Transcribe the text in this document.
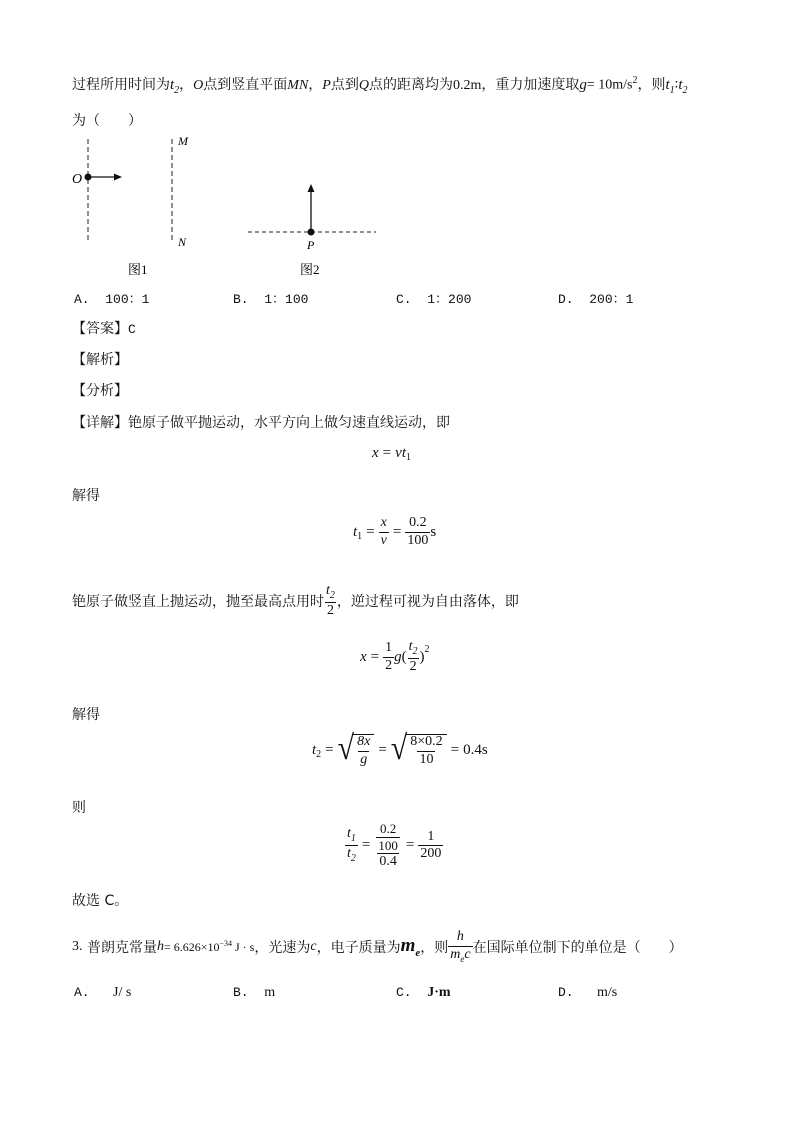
过程所用时间为 $t_2$ ， O 点到竖直平面 MN ， P 点到 Q 点的距离均为 0.2m ，重力加速度取 $g = 10m/s^2$ ，则 $t_1$ ∶ $t_2$
为（　　）
O
M
N
图1
P
图2
A. 100：1	B. 1：100	C. 1：200	D. 200：1
【答案】C
【解析】
【分析】
【详解】铯原子做平抛运动，水平方向上做匀速直线运动，即
x = v $t_1$
解得
$t_1 = \frac{x}{v} = \frac{0.2}{100}$ s
铯原子做竖直上抛运动，抛至最高点用时 $\frac{t_2}{2}$ ，逆过程可视为自由落体，即
$x = \frac{1}{2}$ g ( $\frac{t_2}{2} )^2$
解得
$t_2$ = √ $\frac{8x}{g}$ = √ $\frac{8\times 0.2}{10} = 0.4s$
则
$\frac{t_1}{t_2} = \frac{\frac{0.2}{100}}{0.4} = \frac{1}{200}$
故选 C。
3.
普朗克常量 $h = 6.626\times 10^{-34}$ J · s ，光速为 c ，电子质量为 $m_e$ ，则 $\frac{h}{m_ec}$ 在国际单位制下的单位是（　　）
A. J/ s	B. m	C. J·m	D. m/s
